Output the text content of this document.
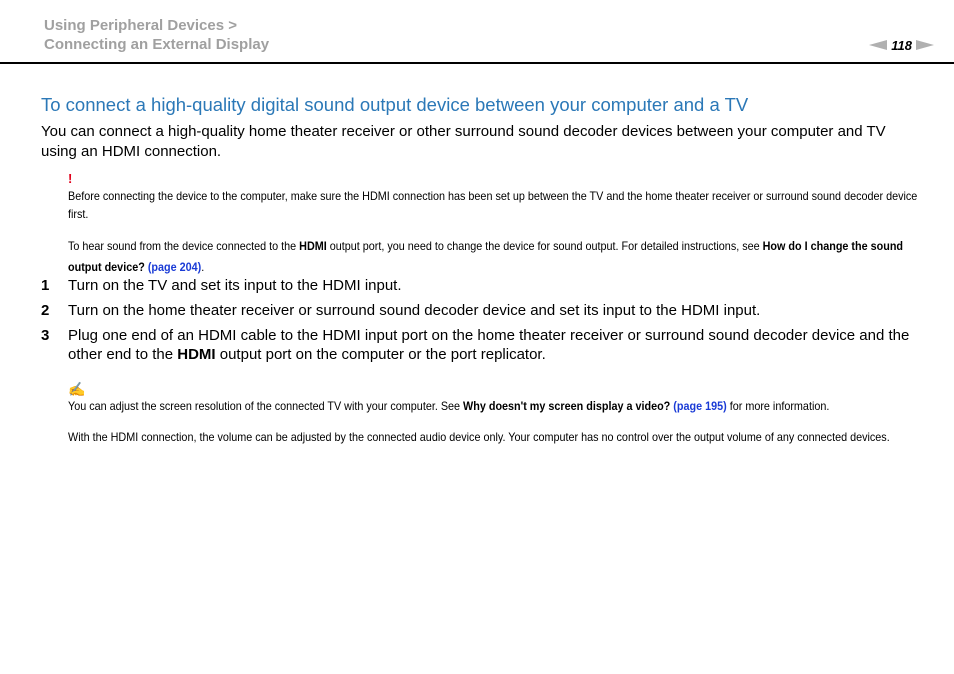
Using Peripheral Devices >
Connecting an External Display	118
To connect a high-quality digital sound output device between your computer and a TV
You can connect a high-quality home theater receiver or other surround sound decoder devices between your computer and TV using an HDMI connection.
!
Before connecting the device to the computer, make sure the HDMI connection has been set up between the TV and the home theater receiver or surround sound decoder device first.
To hear sound from the device connected to the HDMI output port, you need to change the device for sound output. For detailed instructions, see How do I change the sound output device? (page 204).
1	Turn on the TV and set its input to the HDMI input.
2	Turn on the home theater receiver or surround sound decoder device and set its input to the HDMI input.
3	Plug one end of an HDMI cable to the HDMI input port on the home theater receiver or surround sound decoder device and the other end to the HDMI output port on the computer or the port replicator.
✍
You can adjust the screen resolution of the connected TV with your computer. See Why doesn't my screen display a video? (page 195) for more information.
With the HDMI connection, the volume can be adjusted by the connected audio device only. Your computer has no control over the output volume of any connected devices.
